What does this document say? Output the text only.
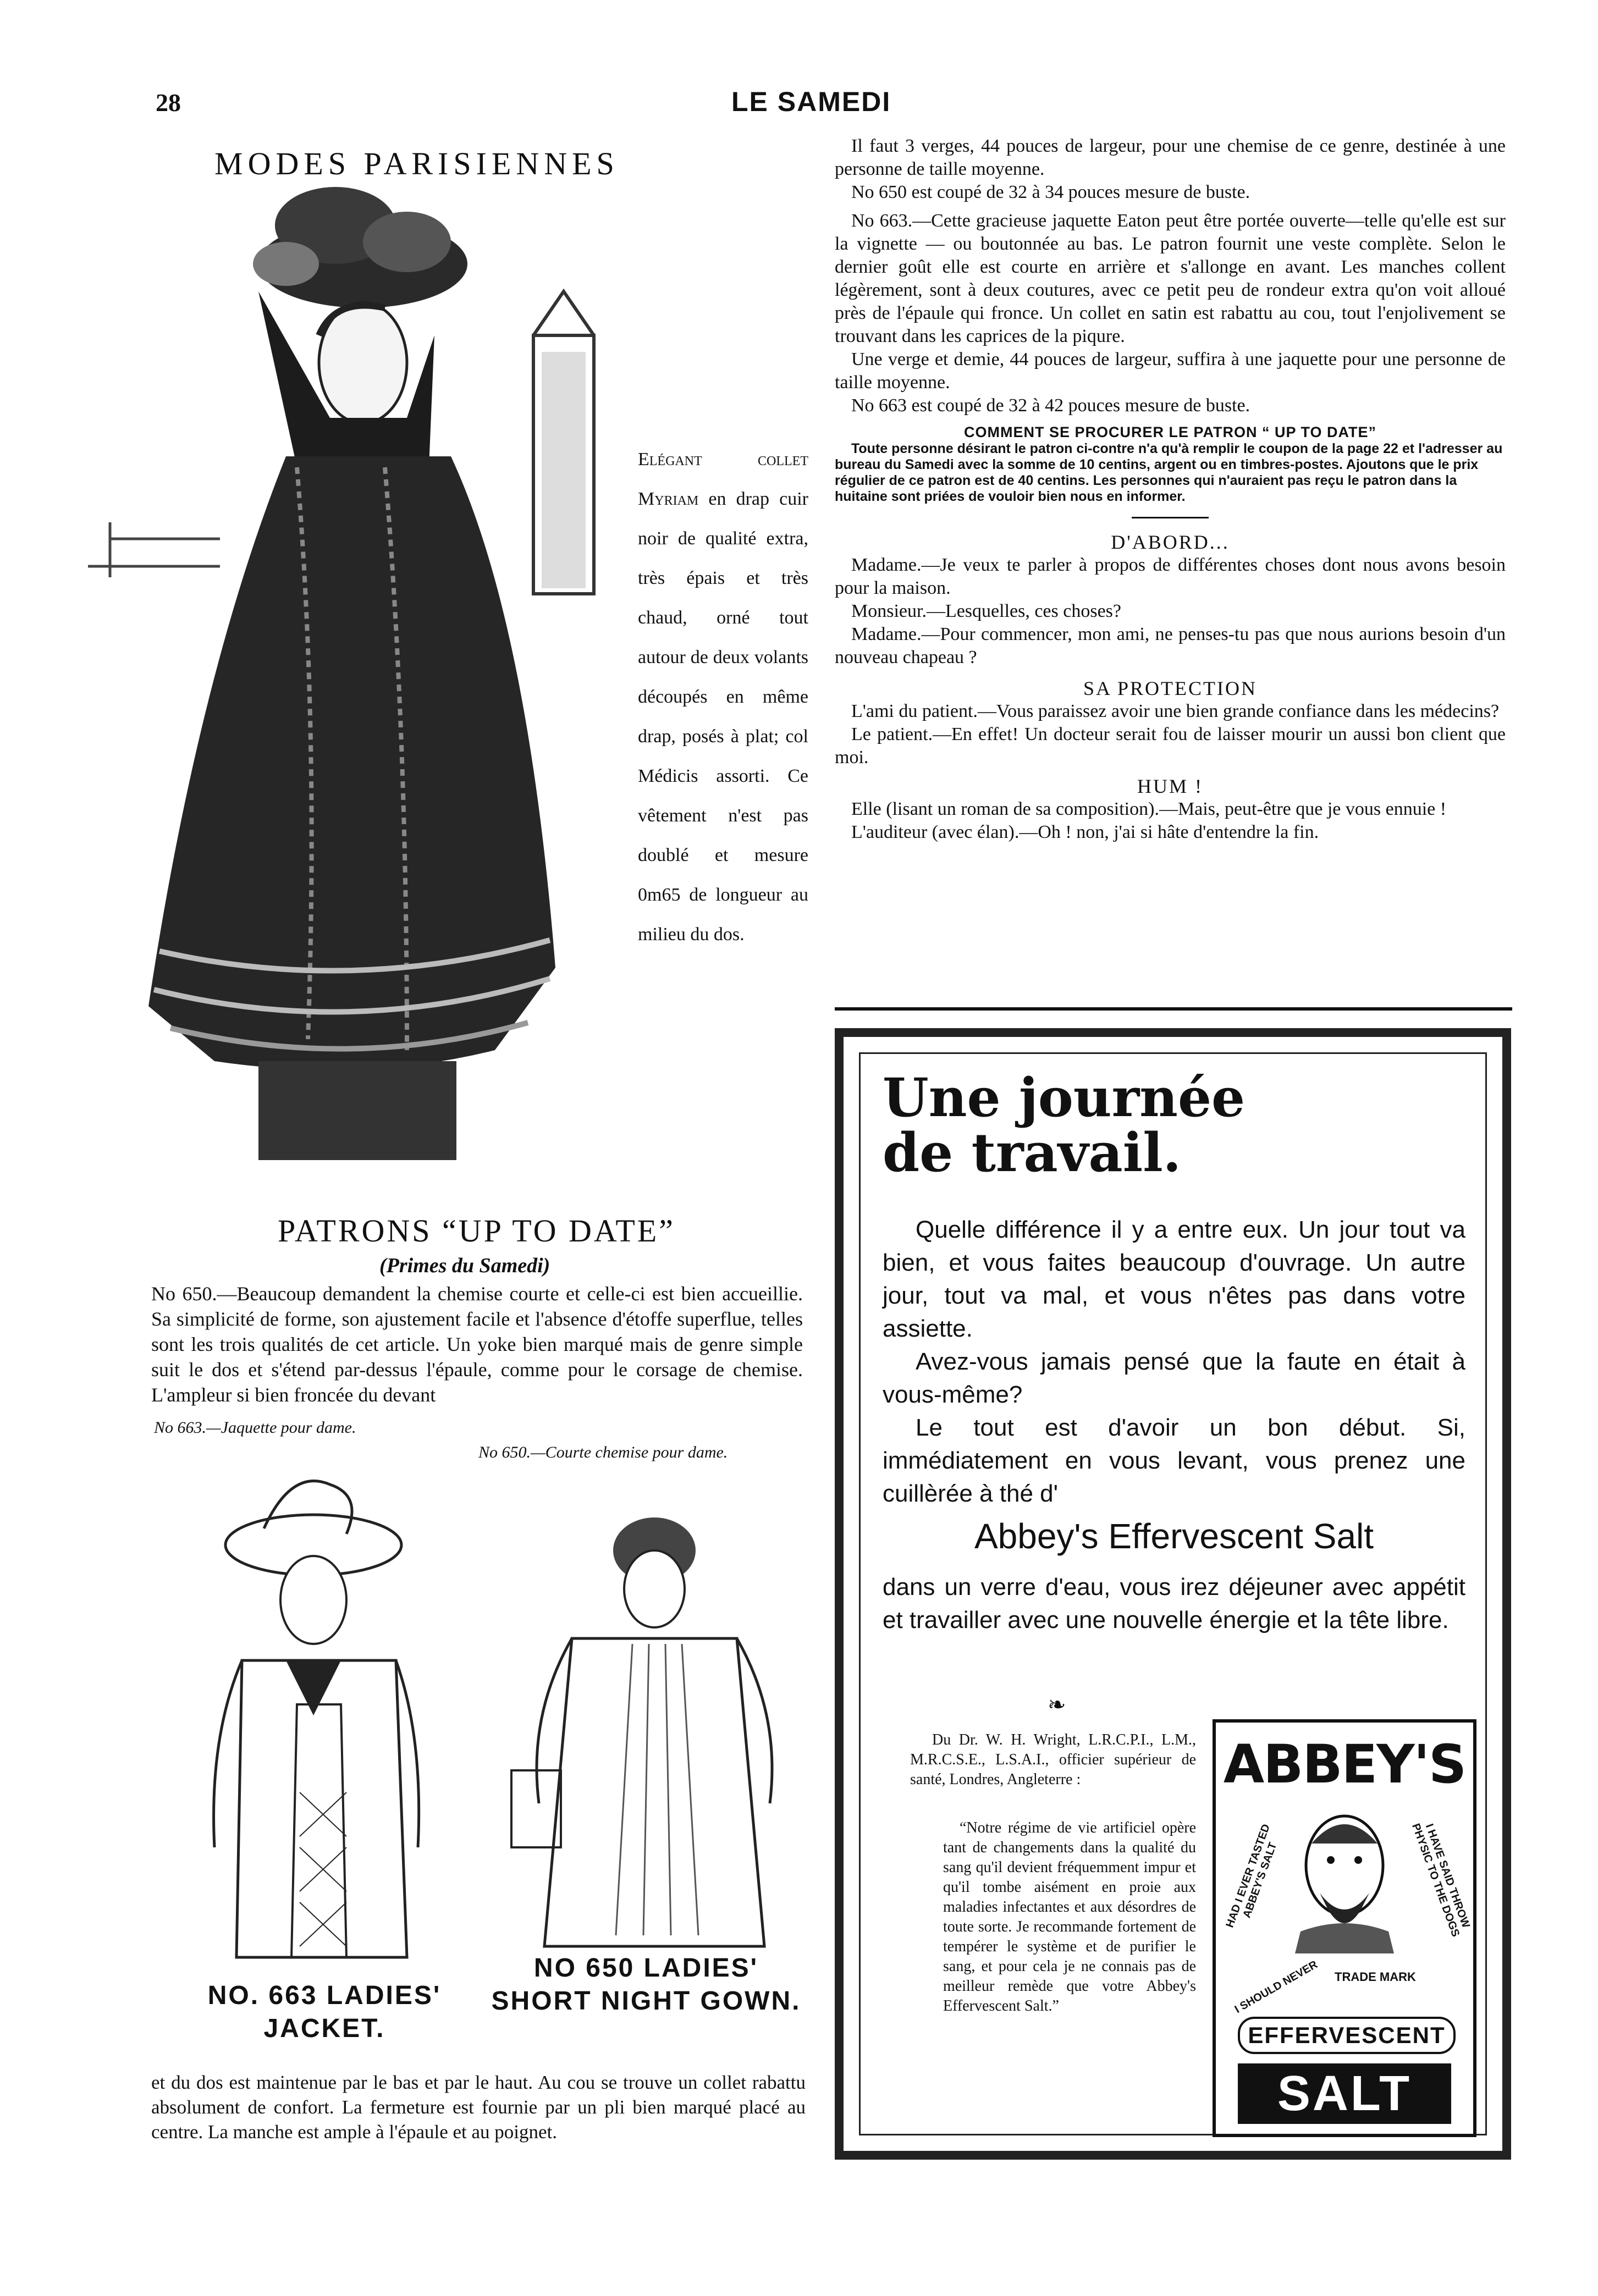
28	LE SAMEDI
MODES PARISIENNES
Elégant collet Myriam en drap cuir noir de qualité extra, très épais et très chaud, orné tout autour de deux volants découpés en même drap, posés à plat; col Médicis assorti. Ce vêtement n'est pas doublé et mesure 0m65 de longueur au milieu du dos.
PATRONS “UP TO DATE”
(Primes du Samedi)
No 650.—Beaucoup demandent la chemise courte et celle-ci est bien accueillie. Sa simplicité de forme, son ajustement facile et l'absence d'étoffe superflue, telles sont les trois qualités de cet article. Un yoke bien marqué mais de genre simple suit le dos et s'étend par-dessus l'épaule, comme pour le corsage de chemise. L'ampleur si bien froncée du devant
No 663.—Jaquette pour dame.
No 650.—Courte chemise pour dame.
NO. 663 LADIES'
JACKET.
NO 650 LADIES'
SHORT NIGHT GOWN.
et du dos est maintenue par le bas et par le haut. Au cou se trouve un collet rabattu absolument de confort. La fermeture est fournie par un pli bien marqué placé au centre. La manche est ample à l'épaule et au poignet.
Il faut 3 verges, 44 pouces de largeur, pour une chemise de ce genre, destinée à une personne de taille moyenne.
No 650 est coupé de 32 à 34 pouces mesure de buste.
No 663.—Cette gracieuse jaquette Eaton peut être portée ouverte—telle qu'elle est sur la vignette — ou boutonnée au bas. Le patron fournit une veste complète. Selon le dernier goût elle est courte en arrière et s'allonge en avant. Les manches collent légèrement, sont à deux coutures, avec ce petit peu de rondeur extra qu'on voit alloué près de l'épaule qui fronce. Un collet en satin est rabattu au cou, tout l'enjolivement se trouvant dans les caprices de la piqure.
Une verge et demie, 44 pouces de largeur, suffira à une jaquette pour une personne de taille moyenne.
No 663 est coupé de 32 à 42 pouces mesure de buste.
COMMENT SE PROCURER LE PATRON “ UP TO DATE”
Toute personne désirant le patron ci-contre n'a qu'à remplir le coupon de la page 22 et l'adresser au bureau du Samedi avec la somme de 10 centins, argent ou en timbres-postes. Ajoutons que le prix régulier de ce patron est de 40 centins. Les personnes qui n'auraient pas reçu le patron dans la huitaine sont priées de vouloir bien nous en informer.
D'ABORD...
Madame.—Je veux te parler à propos de différentes choses dont nous avons besoin pour la maison.
Monsieur.—Lesquelles, ces choses?
Madame.—Pour commencer, mon ami, ne penses-tu pas que nous aurions besoin d'un nouveau chapeau ?
SA PROTECTION
L'ami du patient.—Vous paraissez avoir une bien grande confiance dans les médecins?
Le patient.—En effet! Un docteur serait fou de laisser mourir un aussi bon client que moi.
HUM !
Elle (lisant un roman de sa composition).—Mais, peut-être que je vous ennuie !
L'auditeur (avec élan).—Oh ! non, j'ai si hâte d'entendre la fin.
Une journée
de travail.
Quelle différence il y a entre eux. Un jour tout va bien, et vous faites beaucoup d'ouvrage. Un autre jour, tout va mal, et vous n'êtes pas dans votre assiette.
Avez-vous jamais pensé que la faute en était à vous-même?
Le tout est d'avoir un bon début. Si, immédiatement en vous levant, vous prenez une cuillèrée à thé d'
Abbey's Effervescent Salt
dans un verre d'eau, vous irez déjeuner avec appétit et travailler avec une nouvelle énergie et la tête libre.
❧
Du Dr. W. H. Wright, L.R.C.P.I., L.M., M.R.C.S.E., L.S.A.I., officier supérieur de santé, Londres, Angleterre :
“Notre régime de vie artificiel opère tant de changements dans la qualité du sang qu'il devient fréquemment impur et qu'il tombe aisément en proie aux maladies infectantes et aux désordres de toute sorte. Je recommande fortement de tempérer le système et de purifier le sang, et pour cela je ne connais pas de meilleur remède que votre Abbey's Effervescent Salt.”
ABBEY'S
HAD I EVER TASTED ABBEY'S SALT	I HAVE SAID THROW PHYSIC TO THE DOGS
I SHOULD NEVER	TRADE MARK
EFFERVESCENT
SALT
